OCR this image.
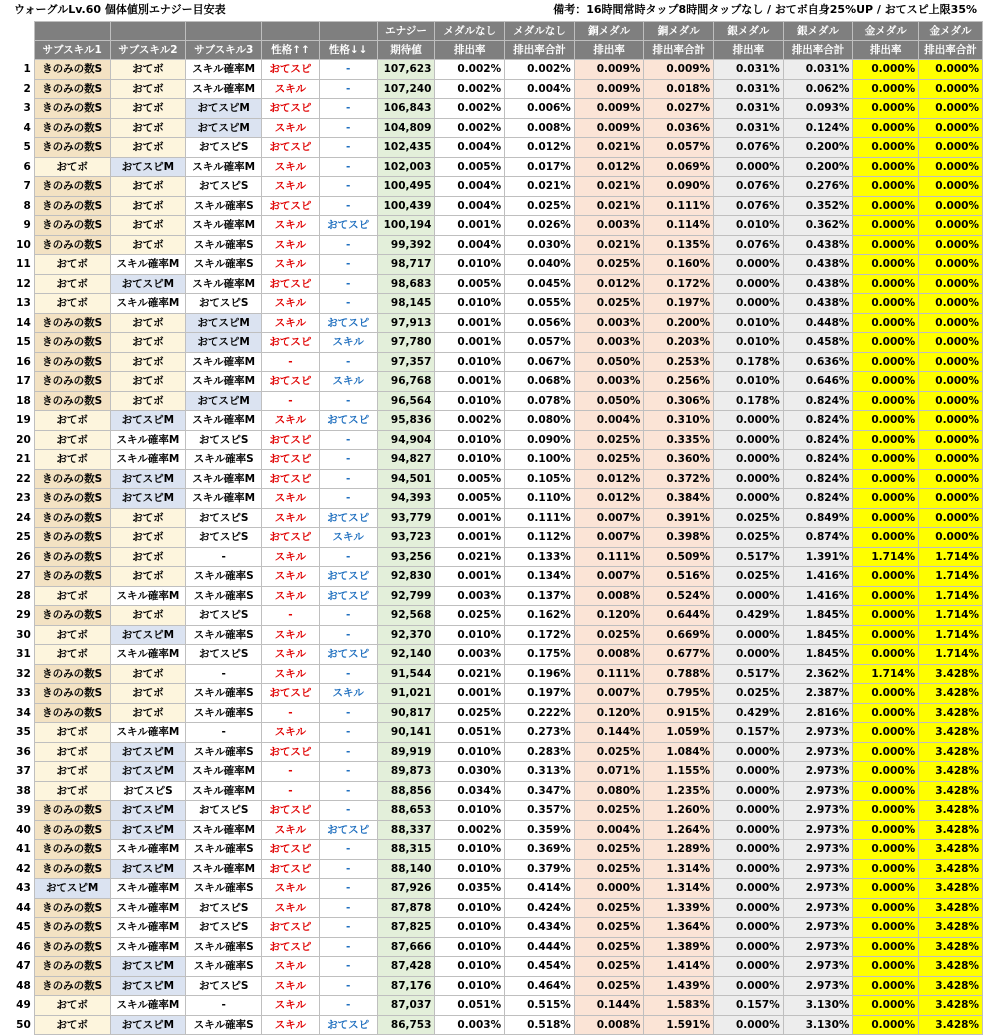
ウォーグルLv.60 個体値別エナジー目安表	備考：16時間常時タップ8時間タップなし / おてボ自身25%UP / おてスピ上限35%
						エナジー	メダルなし	メダルなし	銅メダル	銅メダル	銀メダル	銀メダル	金メダル	金メダル
	サブスキル1	サブスキル2	サブスキル3	性格↑↑	性格↓↓	期待値	排出率	排出率合計	排出率	排出率合計	排出率	排出率合計	排出率	排出率合計
1	きのみの数S	おてボ	スキル確率M	おてスピ	-	107,623	0.002%	0.002%	0.009%	0.009%	0.031%	0.031%	0.000%	0.000%
2	きのみの数S	おてボ	スキル確率M	スキル	-	107,240	0.002%	0.004%	0.009%	0.018%	0.031%	0.062%	0.000%	0.000%
3	きのみの数S	おてボ	おてスピM	おてスピ	-	106,843	0.002%	0.006%	0.009%	0.027%	0.031%	0.093%	0.000%	0.000%
4	きのみの数S	おてボ	おてスピM	スキル	-	104,809	0.002%	0.008%	0.009%	0.036%	0.031%	0.124%	0.000%	0.000%
5	きのみの数S	おてボ	おてスピS	おてスピ	-	102,435	0.004%	0.012%	0.021%	0.057%	0.076%	0.200%	0.000%	0.000%
6	おてボ	おてスピM	スキル確率M	スキル	-	102,003	0.005%	0.017%	0.012%	0.069%	0.000%	0.200%	0.000%	0.000%
7	きのみの数S	おてボ	おてスピS	スキル	-	100,495	0.004%	0.021%	0.021%	0.090%	0.076%	0.276%	0.000%	0.000%
8	きのみの数S	おてボ	スキル確率S	おてスピ	-	100,439	0.004%	0.025%	0.021%	0.111%	0.076%	0.352%	0.000%	0.000%
9	きのみの数S	おてボ	スキル確率M	スキル	おてスピ	100,194	0.001%	0.026%	0.003%	0.114%	0.010%	0.362%	0.000%	0.000%
10	きのみの数S	おてボ	スキル確率S	スキル	-	99,392	0.004%	0.030%	0.021%	0.135%	0.076%	0.438%	0.000%	0.000%
11	おてボ	スキル確率M	スキル確率S	スキル	-	98,717	0.010%	0.040%	0.025%	0.160%	0.000%	0.438%	0.000%	0.000%
12	おてボ	おてスピM	スキル確率M	おてスピ	-	98,683	0.005%	0.045%	0.012%	0.172%	0.000%	0.438%	0.000%	0.000%
13	おてボ	スキル確率M	おてスピS	スキル	-	98,145	0.010%	0.055%	0.025%	0.197%	0.000%	0.438%	0.000%	0.000%
14	きのみの数S	おてボ	おてスピM	スキル	おてスピ	97,913	0.001%	0.056%	0.003%	0.200%	0.010%	0.448%	0.000%	0.000%
15	きのみの数S	おてボ	おてスピM	おてスピ	スキル	97,780	0.001%	0.057%	0.003%	0.203%	0.010%	0.458%	0.000%	0.000%
16	きのみの数S	おてボ	スキル確率M	-	-	97,357	0.010%	0.067%	0.050%	0.253%	0.178%	0.636%	0.000%	0.000%
17	きのみの数S	おてボ	スキル確率M	おてスピ	スキル	96,768	0.001%	0.068%	0.003%	0.256%	0.010%	0.646%	0.000%	0.000%
18	きのみの数S	おてボ	おてスピM	-	-	96,564	0.010%	0.078%	0.050%	0.306%	0.178%	0.824%	0.000%	0.000%
19	おてボ	おてスピM	スキル確率M	スキル	おてスピ	95,836	0.002%	0.080%	0.004%	0.310%	0.000%	0.824%	0.000%	0.000%
20	おてボ	スキル確率M	おてスピS	おてスピ	-	94,904	0.010%	0.090%	0.025%	0.335%	0.000%	0.824%	0.000%	0.000%
21	おてボ	スキル確率M	スキル確率S	おてスピ	-	94,827	0.010%	0.100%	0.025%	0.360%	0.000%	0.824%	0.000%	0.000%
22	きのみの数S	おてスピM	スキル確率M	おてスピ	-	94,501	0.005%	0.105%	0.012%	0.372%	0.000%	0.824%	0.000%	0.000%
23	きのみの数S	おてスピM	スキル確率M	スキル	-	94,393	0.005%	0.110%	0.012%	0.384%	0.000%	0.824%	0.000%	0.000%
24	きのみの数S	おてボ	おてスピS	スキル	おてスピ	93,779	0.001%	0.111%	0.007%	0.391%	0.025%	0.849%	0.000%	0.000%
25	きのみの数S	おてボ	おてスピS	おてスピ	スキル	93,723	0.001%	0.112%	0.007%	0.398%	0.025%	0.874%	0.000%	0.000%
26	きのみの数S	おてボ	-	スキル	-	93,256	0.021%	0.133%	0.111%	0.509%	0.517%	1.391%	1.714%	1.714%
27	きのみの数S	おてボ	スキル確率S	スキル	おてスピ	92,830	0.001%	0.134%	0.007%	0.516%	0.025%	1.416%	0.000%	1.714%
28	おてボ	スキル確率M	スキル確率S	スキル	おてスピ	92,799	0.003%	0.137%	0.008%	0.524%	0.000%	1.416%	0.000%	1.714%
29	きのみの数S	おてボ	おてスピS	-	-	92,568	0.025%	0.162%	0.120%	0.644%	0.429%	1.845%	0.000%	1.714%
30	おてボ	おてスピM	スキル確率S	スキル	-	92,370	0.010%	0.172%	0.025%	0.669%	0.000%	1.845%	0.000%	1.714%
31	おてボ	スキル確率M	おてスピS	スキル	おてスピ	92,140	0.003%	0.175%	0.008%	0.677%	0.000%	1.845%	0.000%	1.714%
32	きのみの数S	おてボ	-	スキル	-	91,544	0.021%	0.196%	0.111%	0.788%	0.517%	2.362%	1.714%	3.428%
33	きのみの数S	おてボ	スキル確率S	おてスピ	スキル	91,021	0.001%	0.197%	0.007%	0.795%	0.025%	2.387%	0.000%	3.428%
34	きのみの数S	おてボ	スキル確率S	-	-	90,817	0.025%	0.222%	0.120%	0.915%	0.429%	2.816%	0.000%	3.428%
35	おてボ	スキル確率M	-	スキル	-	90,141	0.051%	0.273%	0.144%	1.059%	0.157%	2.973%	0.000%	3.428%
36	おてボ	おてスピM	スキル確率S	おてスピ	-	89,919	0.010%	0.283%	0.025%	1.084%	0.000%	2.973%	0.000%	3.428%
37	おてボ	おてスピM	スキル確率M	-	-	89,873	0.030%	0.313%	0.071%	1.155%	0.000%	2.973%	0.000%	3.428%
38	おてボ	おてスピS	スキル確率M	-	-	88,856	0.034%	0.347%	0.080%	1.235%	0.000%	2.973%	0.000%	3.428%
39	きのみの数S	おてスピM	おてスピS	おてスピ	-	88,653	0.010%	0.357%	0.025%	1.260%	0.000%	2.973%	0.000%	3.428%
40	きのみの数S	おてスピM	スキル確率M	スキル	おてスピ	88,337	0.002%	0.359%	0.004%	1.264%	0.000%	2.973%	0.000%	3.428%
41	きのみの数S	スキル確率M	スキル確率S	おてスピ	-	88,315	0.010%	0.369%	0.025%	1.289%	0.000%	2.973%	0.000%	3.428%
42	きのみの数S	おてスピM	スキル確率M	おてスピ	-	88,140	0.010%	0.379%	0.025%	1.314%	0.000%	2.973%	0.000%	3.428%
43	おてスピM	スキル確率M	スキル確率S	スキル	-	87,926	0.035%	0.414%	0.000%	1.314%	0.000%	2.973%	0.000%	3.428%
44	きのみの数S	スキル確率M	おてスピS	スキル	-	87,878	0.010%	0.424%	0.025%	1.339%	0.000%	2.973%	0.000%	3.428%
45	きのみの数S	スキル確率M	おてスピS	おてスピ	-	87,825	0.010%	0.434%	0.025%	1.364%	0.000%	2.973%	0.000%	3.428%
46	きのみの数S	スキル確率M	スキル確率S	おてスピ	-	87,666	0.010%	0.444%	0.025%	1.389%	0.000%	2.973%	0.000%	3.428%
47	きのみの数S	おてスピM	スキル確率S	スキル	-	87,428	0.010%	0.454%	0.025%	1.414%	0.000%	2.973%	0.000%	3.428%
48	きのみの数S	おてスピM	おてスピS	スキル	-	87,176	0.010%	0.464%	0.025%	1.439%	0.000%	2.973%	0.000%	3.428%
49	おてボ	スキル確率M	-	スキル	-	87,037	0.051%	0.515%	0.144%	1.583%	0.157%	3.130%	0.000%	3.428%
50	おてボ	おてスピM	スキル確率S	スキル	おてスピ	86,753	0.003%	0.518%	0.008%	1.591%	0.000%	3.130%	0.000%	3.428%
